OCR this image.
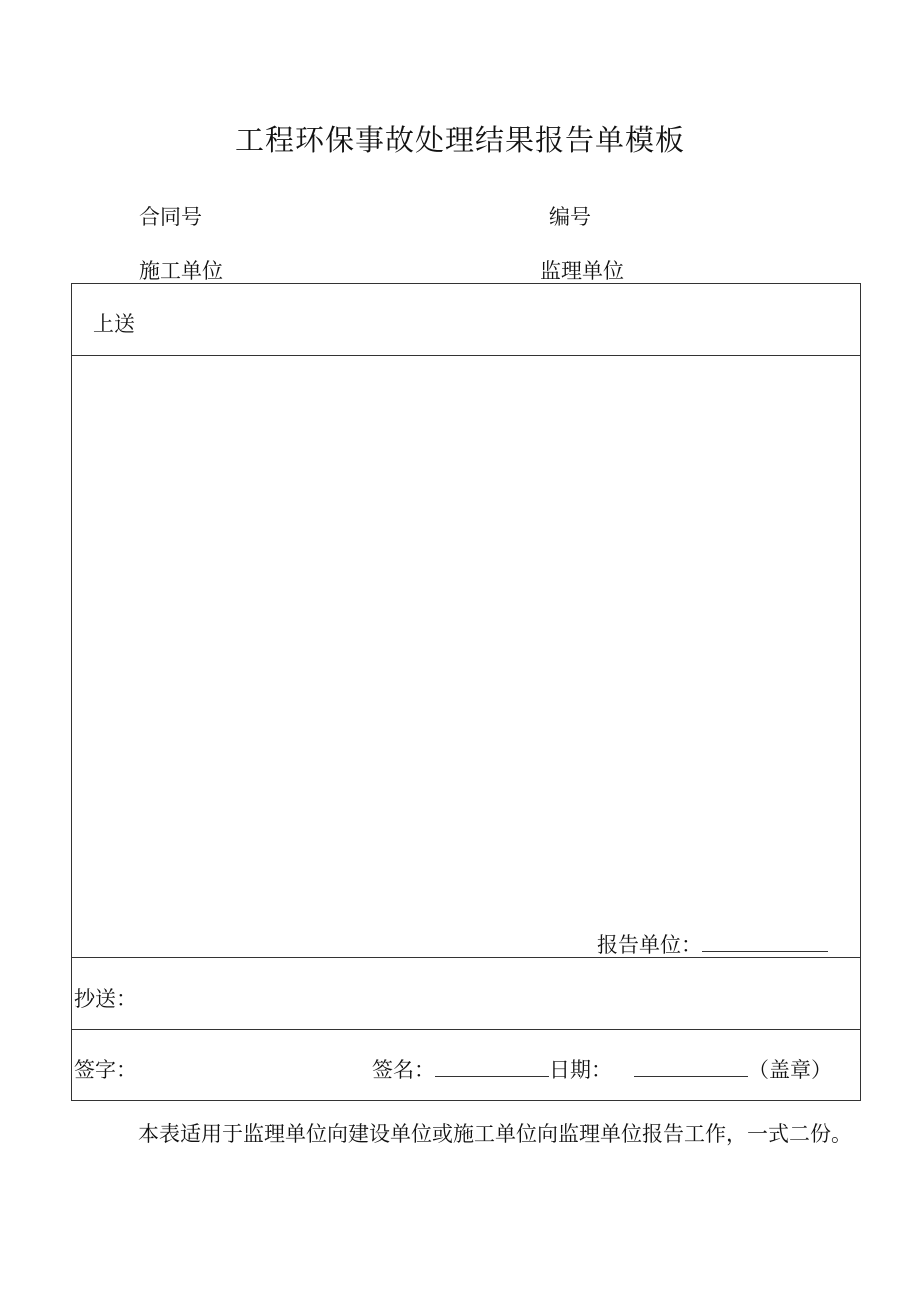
工程环保事故处理结果报告单模板
合同号	编号
施工单位	监理单位
上送
报告单位：
抄送：
签字：	签名：	日期：	（盖章）
本表适用于监理单位向建设单位或施工单位向监理单位报告工作，一式二份。
